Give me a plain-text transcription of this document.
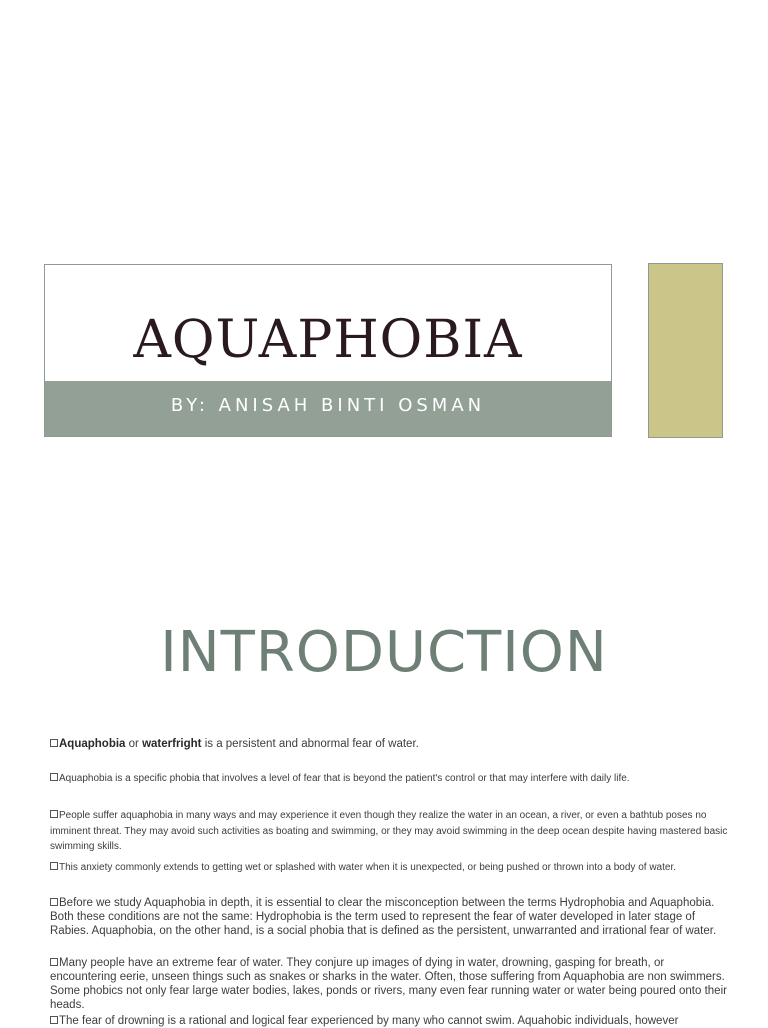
AQUAPHOBIA
BY: ANISAH BINTI OSMAN
INTRODUCTION
Aquaphobia or waterfright is a persistent and abnormal fear of water.
Aquaphobia is a specific phobia that involves a level of fear that is beyond the patient's control or that may interfere with daily life.
People suffer aquaphobia in many ways and may experience it even though they realize the water in an ocean, a river, or even a bathtub poses no imminent threat. They may avoid such activities as boating and swimming, or they may avoid swimming in the deep ocean despite having mastered basic swimming skills.
This anxiety commonly extends to getting wet or splashed with water when it is unexpected, or being pushed or thrown into a body of water.
Before we study Aquaphobia in depth, it is essential to clear the misconception between the terms Hydrophobia and Aquaphobia. Both these conditions are not the same: Hydrophobia is the term used to represent the fear of water developed in later stage of Rabies. Aquaphobia, on the other hand, is a social phobia that is defined as the persistent, unwarranted and irrational fear of water.
Many people have an extreme fear of water. They conjure up images of dying in water, drowning, gasping for breath, or encountering eerie, unseen things such as snakes or sharks in the water. Often, those suffering from Aquaphobia are non swimmers. Some phobics not only fear large water bodies, lakes, ponds or rivers, many even fear running water or water being poured onto their heads.
The fear of drowning is a rational and logical fear experienced by many who cannot swim. Aquahobic individuals, however
